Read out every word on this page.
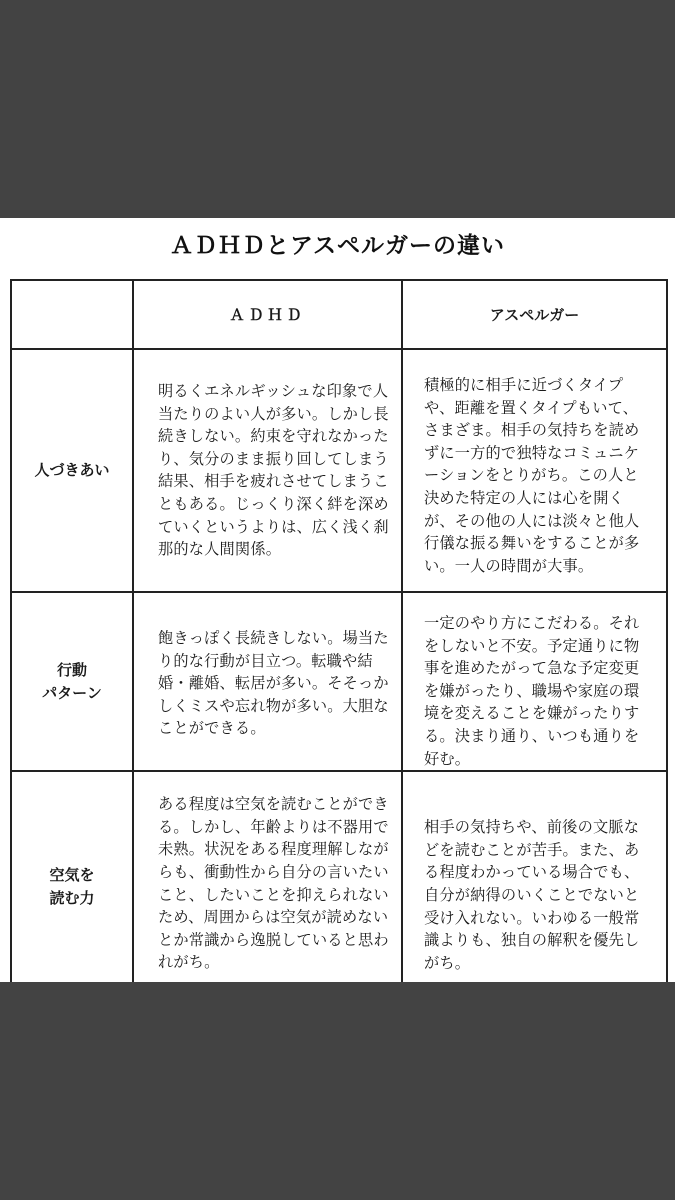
ＡＤＨＤとアスペルガーの違い
	ＡＤＨＤ	アスペルガー
人づきあい	明るくエネルギッシュな印象で人当たりのよい人が多い。しかし長続きしない。約束を守れなかったり、気分のまま振り回してしまう結果、相手を疲れさせてしまうこともある。じっくり深く絆を深めていくというよりは、広く浅く刹那的な人間関係。	積極的に相手に近づくタイプや、距離を置くタイプもいて、さまざま。相手の気持ちを読めずに一方的で独特なコミュニケーションをとりがち。この人と決めた特定の人には心を開くが、その他の人には淡々と他人行儀な振る舞いをすることが多い。一人の時間が大事。

行動
パターン	飽きっぽく長続きしない。場当たり的な行動が目立つ。転職や結婚・離婚、転居が多い。そそっかしくミスや忘れ物が多い。大胆なことができる。	一定のやり方にこだわる。それをしないと不安。予定通りに物事を進めたがって急な予定変更を嫌がったり、職場や家庭の環境を変えることを嫌がったりする。決まり通り、いつも通りを好む。

空気を
読む力	ある程度は空気を読むことができる。しかし、年齢よりは不器用で未熟。状況をある程度理解しながらも、衝動性から自分の言いたいこと、したいことを抑えられないため、周囲からは空気が読めないとか常識から逸脱していると思われがち。	相手の気持ちや、前後の文脈などを読むことが苦手。また、ある程度わかっている場合でも、自分が納得のいくことでないと受け入れない。いわゆる一般常識よりも、独自の解釈を優先しがち。
